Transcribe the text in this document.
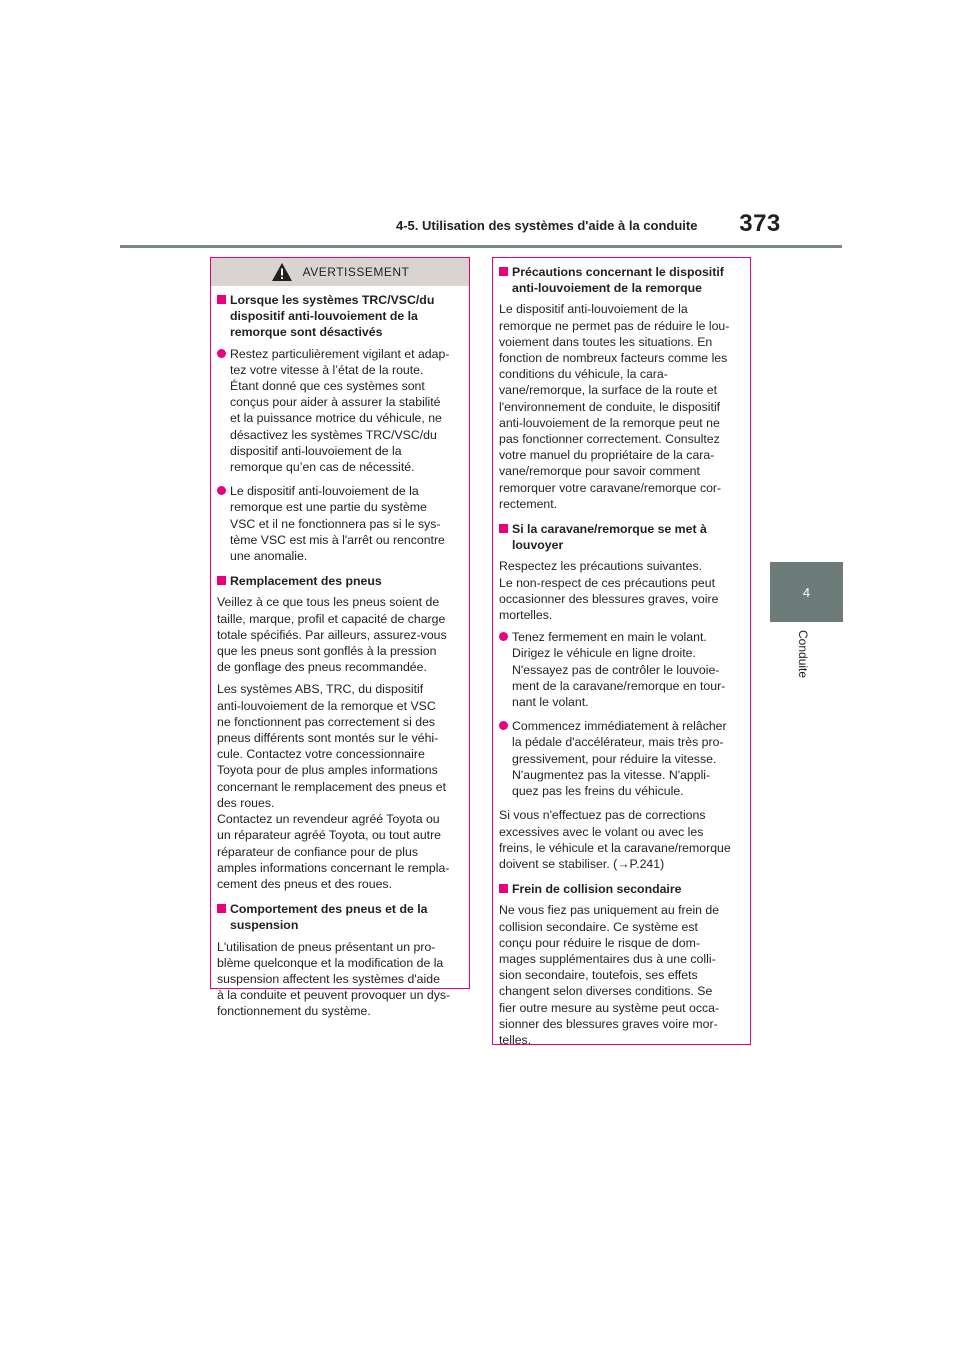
4-5. Utilisation des systèmes d'aide à la conduite	373
4
Conduite
AVERTISSEMENT
Lorsque les systèmes TRC/VSC/du
dispositif anti-louvoiement de la
remorque sont désactivés
Restez particulièrement vigilant et adap-
tez votre vitesse à l’état de la route.
Étant donné que ces systèmes sont
conçus pour aider à assurer la stabilité
et la puissance motrice du véhicule, ne
désactivez les systèmes TRC/VSC/du
dispositif anti-louvoiement de la
remorque qu’en cas de nécessité.
Le dispositif anti-louvoiement de la
remorque est une partie du système
VSC et il ne fonctionnera pas si le sys-
tème VSC est mis à l'arrêt ou rencontre
une anomalie.
Remplacement des pneus

Veillez à ce que tous les pneus soient de
taille, marque, profil et capacité de charge
totale spécifiés. Par ailleurs, assurez-vous
que les pneus sont gonflés à la pression
de gonflage des pneus recommandée.

Les systèmes ABS, TRC, du dispositif
anti-louvoiement de la remorque et VSC
ne fonctionnent pas correctement si des
pneus différents sont montés sur le véhi-
cule. Contactez votre concessionnaire
Toyota pour de plus amples informations
concernant le remplacement des pneus et
des roues.
Contactez un revendeur agréé Toyota ou
un réparateur agréé Toyota, ou tout autre
réparateur de confiance pour de plus
amples informations concernant le rempla-
cement des pneus et des roues.

Comportement des pneus et de la
suspension

L'utilisation de pneus présentant un pro-
blème quelconque et la modification de la
suspension affectent les systèmes d'aide
à la conduite et peuvent provoquer un dys-
fonctionnement du système.

Précautions concernant le dispositif
anti-louvoiement de la remorque

Le dispositif anti-louvoiement de la
remorque ne permet pas de réduire le lou-
voiement dans toutes les situations. En
fonction de nombreux facteurs comme les
conditions du véhicule, la cara-
vane/remorque, la surface de la route et
l'environnement de conduite, le dispositif
anti-louvoiement de la remorque peut ne
pas fonctionner correctement. Consultez
votre manuel du propriétaire de la cara-
vane/remorque pour savoir comment
remorquer votre caravane/remorque cor-
rectement.

Si la caravane/remorque se met à
louvoyer

Respectez les précautions suivantes.
Le non-respect de ces précautions peut
occasionner des blessures graves, voire
mortelles.

Tenez fermement en main le volant.
Dirigez le véhicule en ligne droite.
N'essayez pas de contrôler le louvoie-
ment de la caravane/remorque en tour-
nant le volant.
Commencez immédiatement à relâcher
la pédale d'accélérateur, mais très pro-
gressivement, pour réduire la vitesse.
N'augmentez pas la vitesse. N'appli-
quez pas les freins du véhicule.

Si vous n'effectuez pas de corrections
excessives avec le volant ou avec les
freins, le véhicule et la caravane/remorque
doivent se stabiliser. (→P.241)

Frein de collision secondaire

Ne vous fiez pas uniquement au frein de
collision secondaire. Ce système est
conçu pour réduire le risque de dom-
mages supplémentaires dus à une colli-
sion secondaire, toutefois, ses effets
changent selon diverses conditions. Se
fier outre mesure au système peut occa-
sionner des blessures graves voire mor-
telles.
